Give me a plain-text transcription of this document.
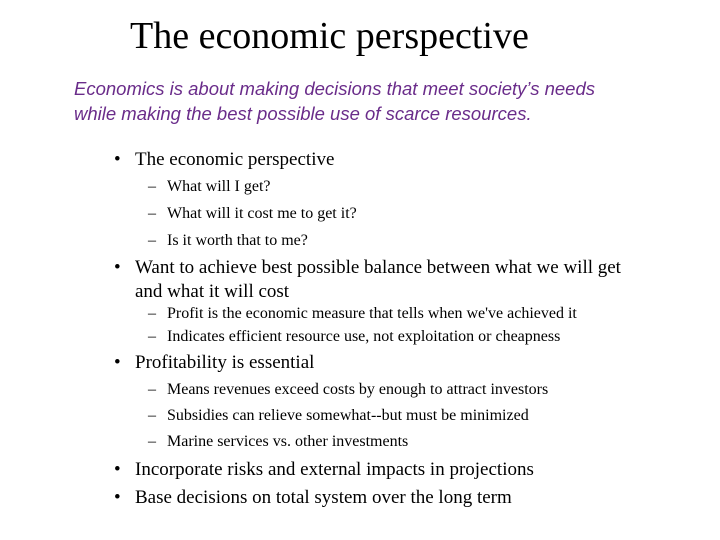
The economic perspective
Economics is about making decisions that meet society’s needs
while making the best possible use of scarce resources.
• The economic perspective
– What will I get?
– What will it cost me to get it?
– Is it worth that to me?
• Want to achieve best possible balance between what we will get
and what it will cost
– Profit is the economic measure that tells when we've achieved it
– Indicates efficient resource use, not exploitation or cheapness
• Profitability is essential
– Means revenues exceed costs by enough to attract investors
– Subsidies can relieve somewhat--but must be minimized
– Marine services vs. other investments
• Incorporate risks and external impacts in projections
• Base decisions on total system over the long term
